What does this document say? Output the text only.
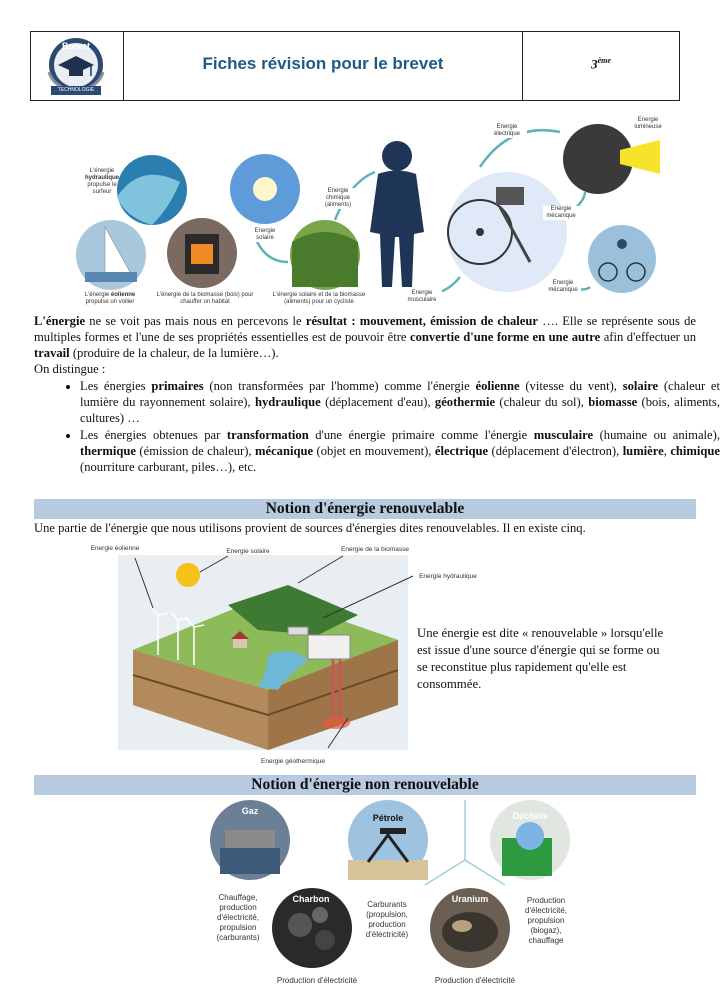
Brevet
TECHNOLOGIE
Fiches révision pour le brevet	3ème
L'énergie
hydraulique
propulse le surfeur
L'énergie éolienne
propulse un voilier
L'énergie de la biomasse (bois) pour chauffer un habitat
L'énergie solaire et de la biomasse (aliments) pour un cycliste
Energie solaire
Energie chimique (aliments)
Energie musculaire
Energie électrique
Energie lumineuse
Energie mécanique
Energie mécanique
L'énergie ne se voit pas mais nous en percevons le résultat : mouvement, émission de chaleur …. Elle se représente sous de multiples formes et l'une de ses propriétés essentielles est de pouvoir être convertie d'une forme en une autre afin d'effectuer un travail (produire de la chaleur, de la lumière…).
On distingue :
• Les énergies primaires (non transformées par l'homme) comme l'énergie éolienne (vitesse du vent), solaire (chaleur et lumière du rayonnement solaire), hydraulique (déplacement d'eau), géothermie (chaleur du sol), biomasse (bois, aliments, cultures) …
• Les énergies obtenues par transformation d'une énergie primaire comme l'énergie musculaire (humaine ou animale), thermique (émission de chaleur), mécanique (objet en mouvement), électrique (déplacement d'électron), lumière, chimique (nourriture carburant, piles…), etc.
Notion d'énergie renouvelable
Une partie de l'énergie que nous utilisons provient de sources d'énergies dites renouvelables. Il en existe cinq.
Energie éolienne	Energie solaire	Energie de la biomasse
Energie hydraulique
Energie géothermique
Une énergie est dite « renouvelable » lorsqu'elle est issue d'une source d'énergie qui se forme ou se reconstitue plus rapidement qu'elle est consommée.
Notion d'énergie non renouvelable
Gaz
Pétrole	Déchets
Charbon	Uranium
Chauffage, production d'électricité, propulsion (carburants)
Carburants (propulsion, production d'électricité)
Production d'électricité, propulsion (biogaz), chauffage
Production d'électricité	Production d'électricité
